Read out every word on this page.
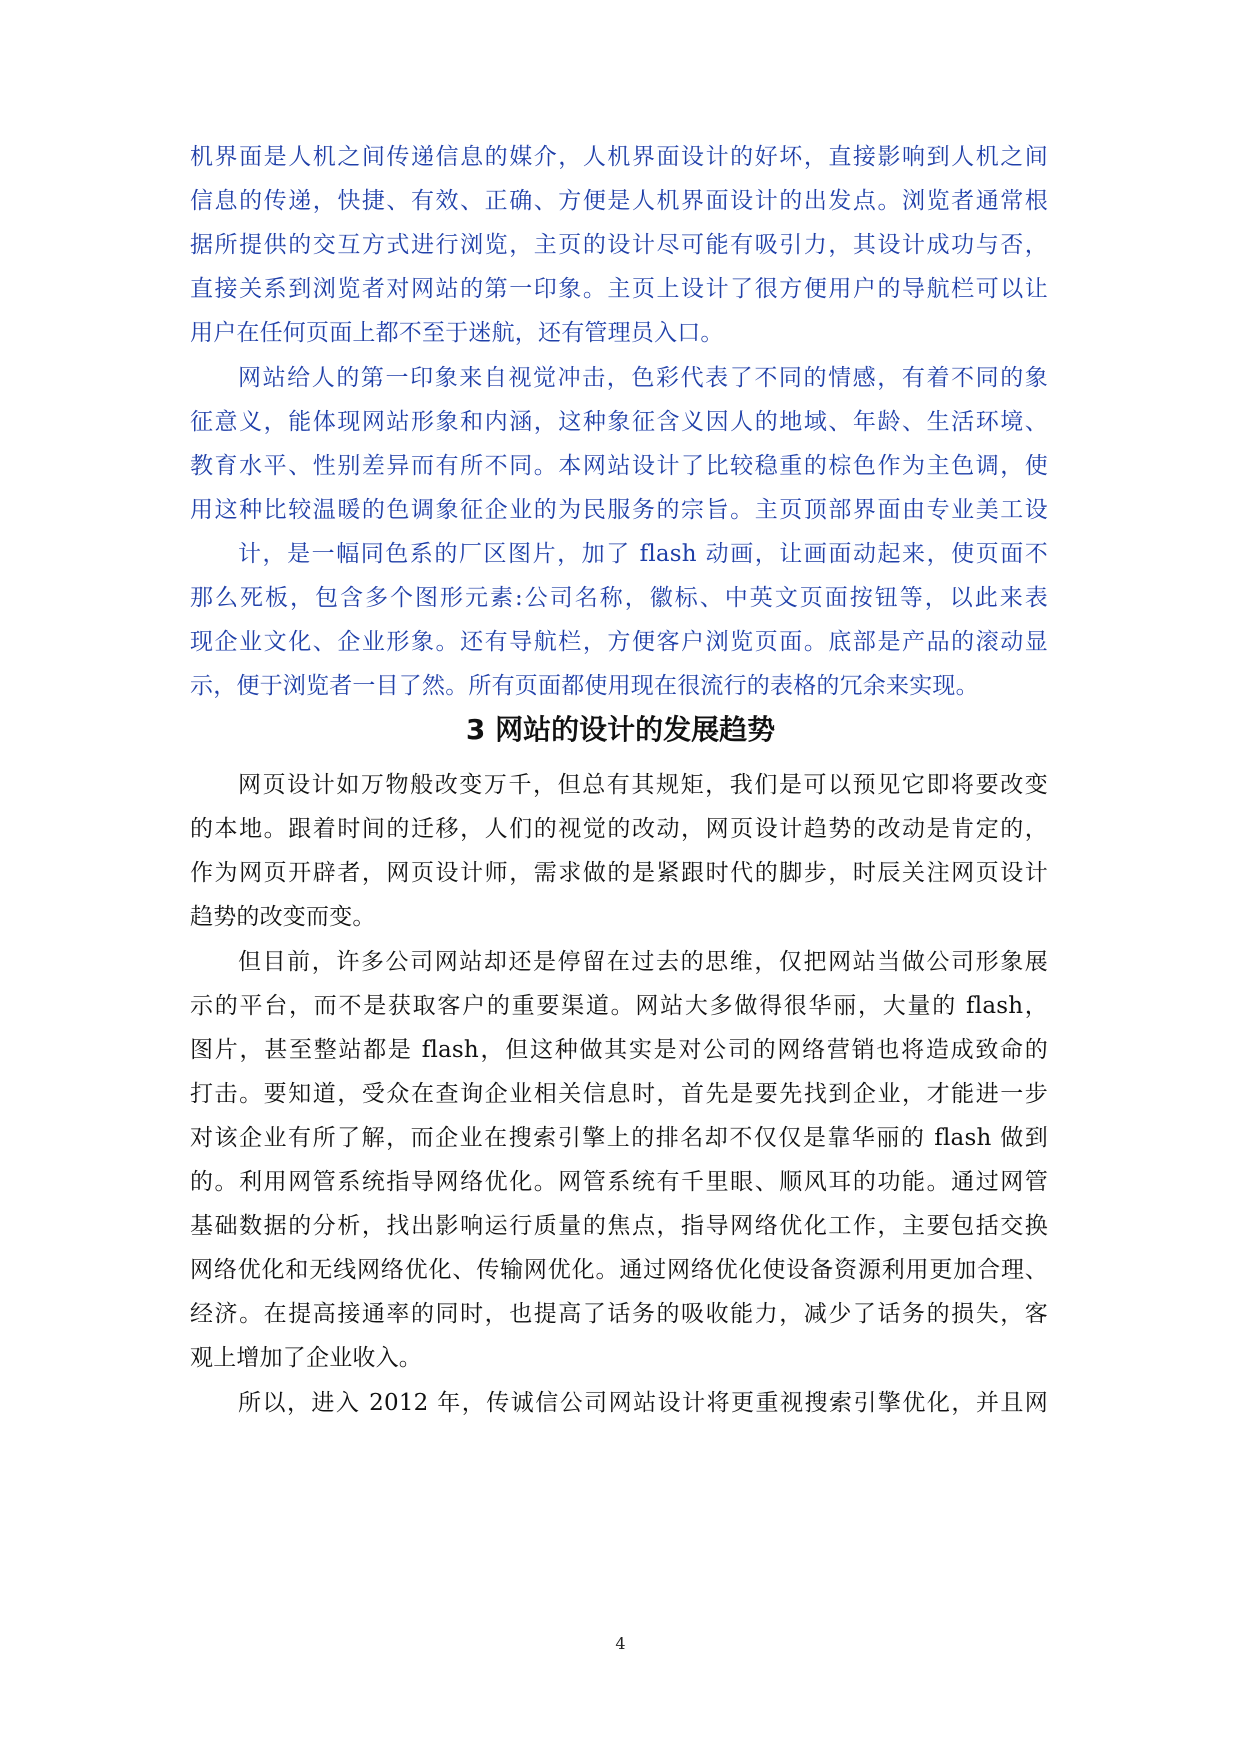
机界面是人机之间传递信息的媒介，人机界面设计的好坏，直接影响到人机之间
信息的传递，快捷、有效、正确、方便是人机界面设计的出发点。浏览者通常根
据所提供的交互方式进行浏览，主页的设计尽可能有吸引力，其设计成功与否，
直接关系到浏览者对网站的第一印象。主页上设计了很方便用户的导航栏可以让
用户在任何页面上都不至于迷航，还有管理员入口。
网站给人的第一印象来自视觉冲击，色彩代表了不同的情感，有着不同的象
征意义，能体现网站形象和内涵，这种象征含义因人的地域、年龄、生活环境、
教育水平、性别差异而有所不同。本网站设计了比较稳重的棕色作为主色调，使
用这种比较温暖的色调象征企业的为民服务的宗旨。主页顶部界面由专业美工设
计，是一幅同色系的厂区图片，加了 flash 动画，让画面动起来，使页面不
那么死板，包含多个图形元素:公司名称，徽标、中英文页面按钮等，以此来表
现企业文化、企业形象。还有导航栏，方便客户浏览页面。底部是产品的滚动显
示，便于浏览者一目了然。所有页面都使用现在很流行的表格的冗余来实现。
3 网站的设计的发展趋势
网页设计如万物般改变万千，但总有其规矩，我们是可以预见它即将要改变
的本地。跟着时间的迁移，人们的视觉的改动，网页设计趋势的改动是肯定的，
作为网页开辟者，网页设计师，需求做的是紧跟时代的脚步，时辰关注网页设计
趋势的改变而变。
但目前，许多公司网站却还是停留在过去的思维，仅把网站当做公司形象展
示的平台，而不是获取客户的重要渠道。网站大多做得很华丽，大量的 flash，
图片，甚至整站都是 flash，但这种做其实是对公司的网络营销也将造成致命的
打击。要知道，受众在查询企业相关信息时，首先是要先找到企业，才能进一步
对该企业有所了解，而企业在搜索引擎上的排名却不仅仅是靠华丽的 flash 做到
的。利用网管系统指导网络优化。网管系统有千里眼、顺风耳的功能。通过网管
基础数据的分析，找出影响运行质量的焦点，指导网络优化工作，主要包括交换
网络优化和无线网络优化、传输网优化。通过网络优化使设备资源利用更加合理、
经济。在提高接通率的同时，也提高了话务的吸收能力，减少了话务的损失，客
观上增加了企业收入。
所以，进入 2012 年，传诚信公司网站设计将更重视搜索引擎优化，并且网
4
